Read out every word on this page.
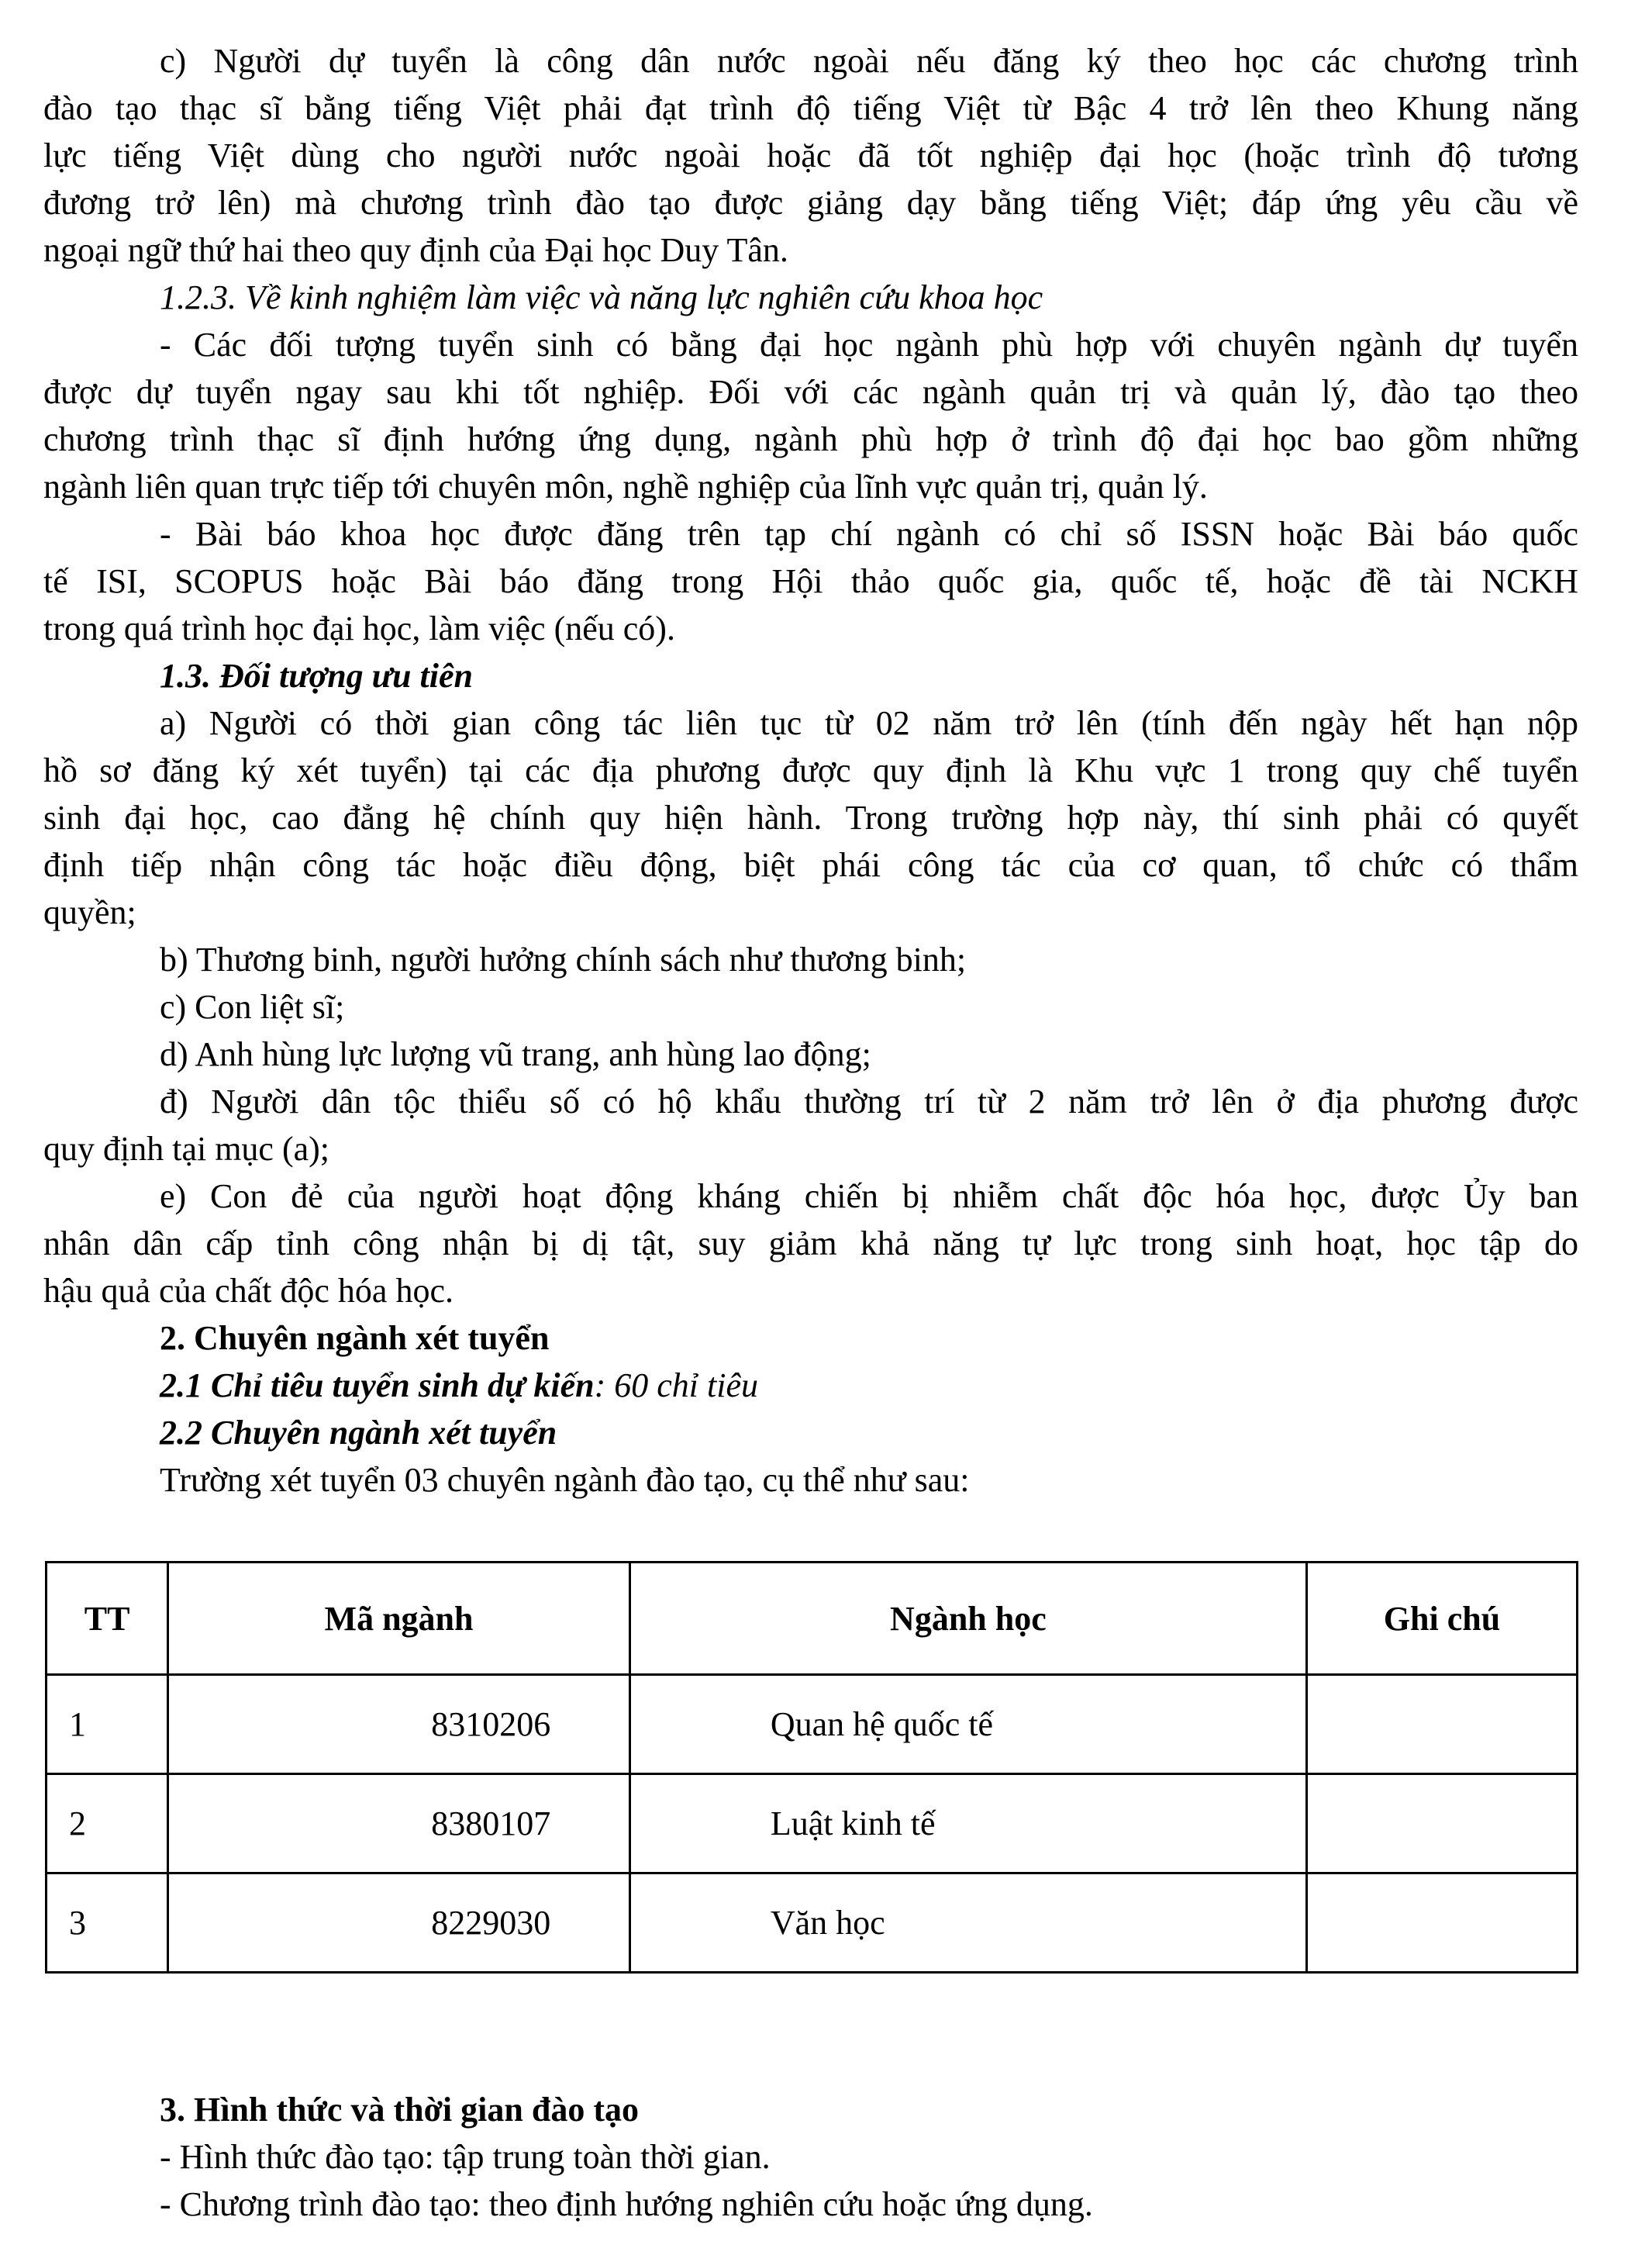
c) Người dự tuyển là công dân nước ngoài nếu đăng ký theo học các chương trình
đào tạo thạc sĩ bằng tiếng Việt phải đạt trình độ tiếng Việt từ Bậc 4 trở lên theo Khung năng
lực tiếng Việt dùng cho người nước ngoài hoặc đã tốt nghiệp đại học (hoặc trình độ tương
đương trở lên) mà chương trình đào tạo được giảng dạy bằng tiếng Việt; đáp ứng yêu cầu về
ngoại ngữ thứ hai theo quy định của Đại học Duy Tân.
1.2.3. Về kinh nghiệm làm việc và năng lực nghiên cứu khoa học
- Các đối tượng tuyển sinh có bằng đại học ngành phù hợp với chuyên ngành dự tuyển
được dự tuyển ngay sau khi tốt nghiệp. Đối với các ngành quản trị và quản lý, đào tạo theo
chương trình thạc sĩ định hướng ứng dụng, ngành phù hợp ở trình độ đại học bao gồm những
ngành liên quan trực tiếp tới chuyên môn, nghề nghiệp của lĩnh vực quản trị, quản lý.
- Bài báo khoa học được đăng trên tạp chí ngành có chỉ số ISSN hoặc Bài báo quốc
tế ISI, SCOPUS hoặc Bài báo đăng trong Hội thảo quốc gia, quốc tế, hoặc đề tài NCKH
trong quá trình học đại học, làm việc (nếu có).
1.3. Đối tượng ưu tiên
a) Người có thời gian công tác liên tục từ 02 năm trở lên (tính đến ngày hết hạn nộp
hồ sơ đăng ký xét tuyển) tại các địa phương được quy định là Khu vực 1 trong quy chế tuyển
sinh đại học, cao đẳng hệ chính quy hiện hành. Trong trường hợp này, thí sinh phải có quyết
định tiếp nhận công tác hoặc điều động, biệt phái công tác của cơ quan, tổ chức có thẩm
quyền;
b) Thương binh, người hưởng chính sách như thương binh;
c) Con liệt sĩ;
d) Anh hùng lực lượng vũ trang, anh hùng lao động;
đ) Người dân tộc thiểu số có hộ khẩu thường trí từ 2 năm trở lên ở địa phương được
quy định tại mục (a);
e) Con đẻ của người hoạt động kháng chiến bị nhiễm chất độc hóa học, được Ủy ban
nhân dân cấp tỉnh công nhận bị dị tật, suy giảm khả năng tự lực trong sinh hoạt, học tập do
hậu quả của chất độc hóa học.
2. Chuyên ngành xét tuyển
2.1 Chỉ tiêu tuyển sinh dự kiến: 60 chỉ tiêu
2.2 Chuyên ngành xét tuyển
Trường xét tuyển 03 chuyên ngành đào tạo, cụ thể như sau:
TT	Mã ngành	Ngành học	Ghi chú
1	8310206	Quan hệ quốc tế	
2	8380107	Luật kinh tế	
3	8229030	Văn học	
3. Hình thức và thời gian đào tạo
- Hình thức đào tạo: tập trung toàn thời gian.
- Chương trình đào tạo: theo định hướng nghiên cứu hoặc ứng dụng.
